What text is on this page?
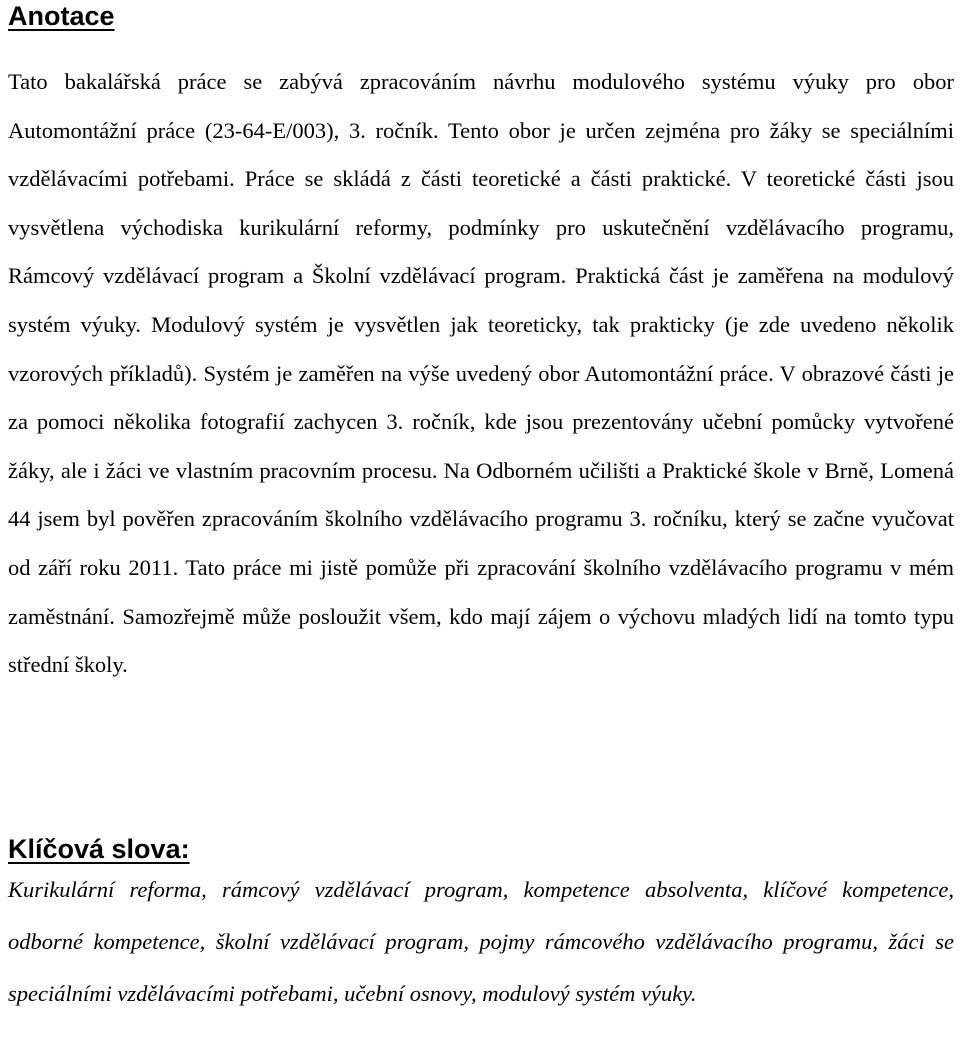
Anotace

Tato bakalářská práce se zabývá zpracováním návrhu modulového systému výuky pro obor Automontážní práce (23-64-E/003), 3. ročník. Tento obor je určen zejména pro žáky se speciálními vzdělávacími potřebami. Práce se skládá z části teoretické a části praktické. V teoretické části jsou vysvětlena východiska kurikulární reformy, podmínky pro uskutečnění vzdělávacího programu, Rámcový vzdělávací program a Školní vzdělávací program. Praktická část je zaměřena na modulový systém výuky. Modulový systém je vysvětlen jak teoreticky, tak prakticky (je zde uvedeno několik vzorových příkladů). Systém je zaměřen na výše uvedený obor Automontážní práce. V obrazové části je za pomoci několika fotografií zachycen 3. ročník, kde jsou prezentovány učební pomůcky vytvořené žáky, ale i žáci ve vlastním pracovním procesu. Na Odborném učilišti a Praktické škole v Brně, Lomená 44 jsem byl pověřen zpracováním školního vzdělávacího programu 3. ročníku, který se začne vyučovat od září roku 2011. Tato práce mi jistě pomůže při zpracování školního vzdělávacího programu v mém zaměstnání. Samozřejmě může posloužit všem, kdo mají zájem o výchovu mladých lidí na tomto typu střední školy.

Klíčová slova:

Kurikulární reforma, rámcový vzdělávací program, kompetence absolventa, klíčové kompetence, odborné kompetence, školní vzdělávací program, pojmy rámcového vzdělávacího programu, žáci se speciálními vzdělávacími potřebami, učební osnovy, modulový systém výuky.
